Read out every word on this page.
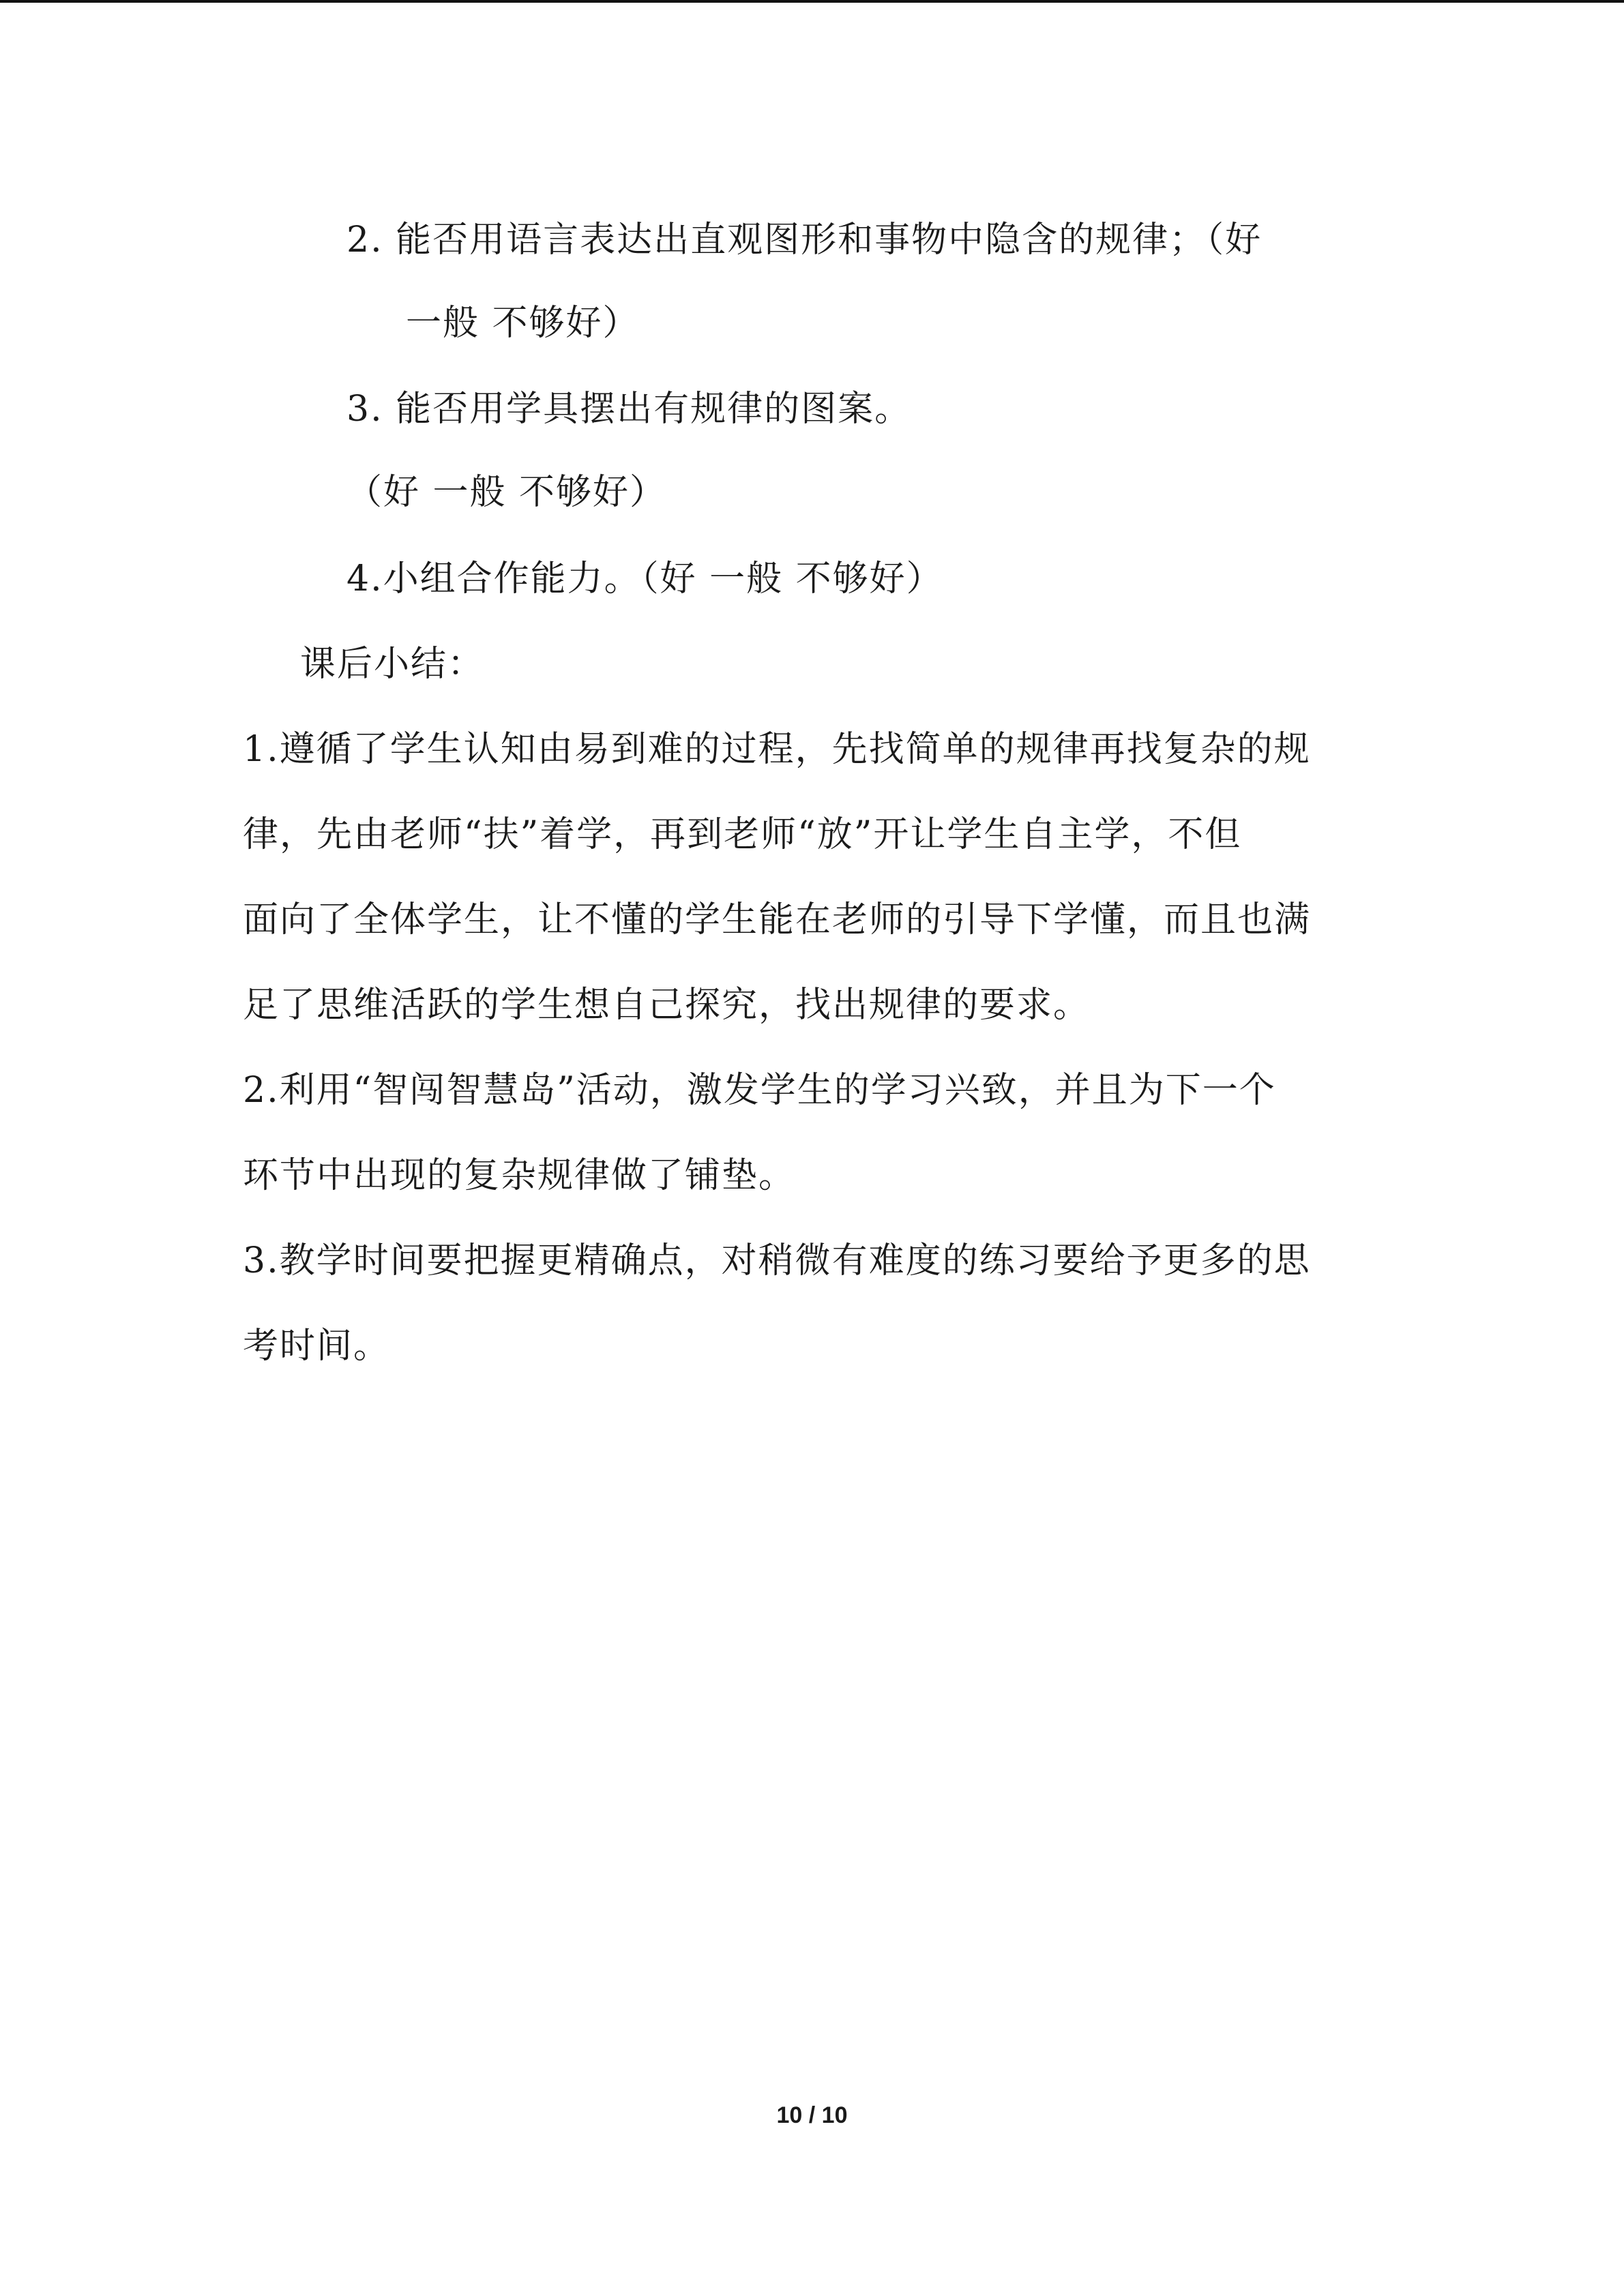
2. 能否用语言表达出直观图形和事物中隐含的规律；（好
一般 不够好）
3. 能否用学具摆出有规律的图案。
（好 一般 不够好）
4.小组合作能力。（好 一般 不够好）
课后小结：
1.遵循了学生认知由易到难的过程，先找简单的规律再找复杂的规
律，先由老师“扶”着学，再到老师“放”开让学生自主学，不但
面向了全体学生，让不懂的学生能在老师的引导下学懂，而且也满
足了思维活跃的学生想自己探究，找出规律的要求。
2.利用“智闯智慧岛”活动，激发学生的学习兴致，并且为下一个
环节中出现的复杂规律做了铺垫。
3.教学时间要把握更精确点，对稍微有难度的练习要给予更多的思
考时间。
10 / 10
